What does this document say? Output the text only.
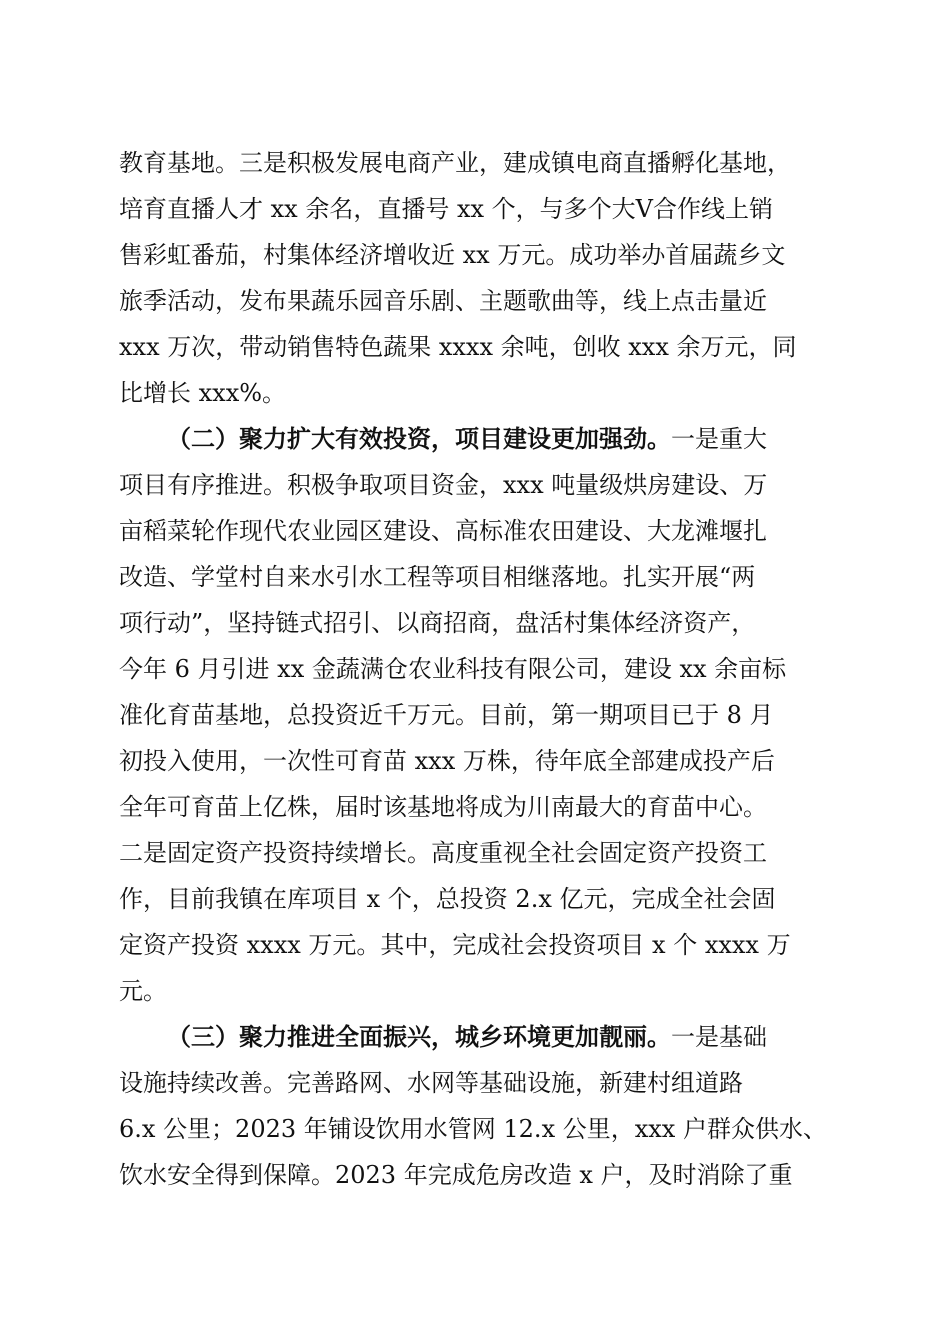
教育基地。三是积极发展电商产业，建成镇电商直播孵化基地，
培育直播人才 xx 余名，直播号 xx 个，与多个大Ⅴ合作线上销
售彩虹番茄，村集体经济增收近 xx 万元。成功举办首届蔬乡文
旅季活动，发布果蔬乐园音乐剧、主题歌曲等，线上点击量近
xxx 万次，带动销售特色蔬果 xxxx 余吨，创收 xxx 余万元，同
比增长 xxx%。
（二）聚力扩大有效投资，项目建设更加强劲。一是重大
项目有序推进。积极争取项目资金，xxx 吨量级烘房建设、万
亩稻菜轮作现代农业园区建设、高标准农田建设、大龙滩堰扎
改造、学堂村自来水引水工程等项目相继落地。扎实开展“两
项行动”，坚持链式招引、以商招商，盘活村集体经济资产，
今年 6 月引进 xx 金蔬满仓农业科技有限公司，建设 xx 余亩标
准化育苗基地，总投资近千万元。目前，第一期项目已于 8 月
初投入使用，一次性可育苗 xxx 万株，待年底全部建成投产后
全年可育苗上亿株，届时该基地将成为川南最大的育苗中心。
二是固定资产投资持续增长。高度重视全社会固定资产投资工
作，目前我镇在库项目 x 个，总投资 2.x 亿元，完成全社会固
定资产投资 xxxx 万元。其中，完成社会投资项目 x 个 xxxx 万
元。
（三）聚力推进全面振兴，城乡环境更加靓丽。一是基础
设施持续改善。完善路网、水网等基础设施，新建村组道路
6.x 公里；2023 年铺设饮用水管网 12.x 公里，xxx 户群众供水、
饮水安全得到保障。2023 年完成危房改造 x 户，及时消除了重
